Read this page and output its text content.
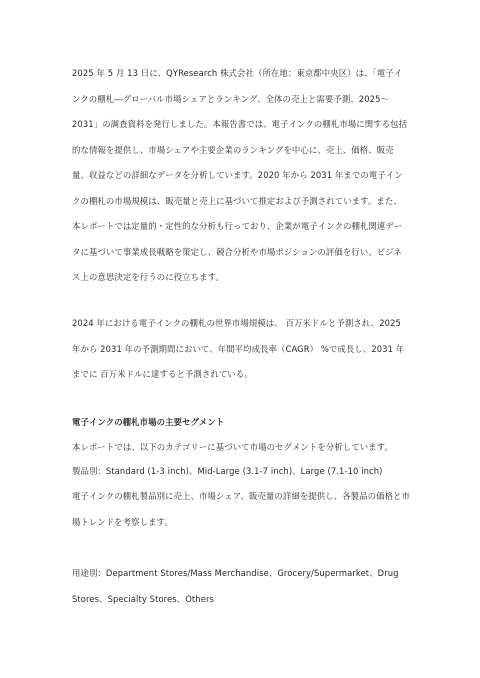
2025 年 5 月 13 日に、QYResearch 株式会社（所在地：東京都中央区）は、「電子インクの棚札―グローバル市場シェアとランキング、全体の売上と需要予測、2025～2031」の調査資料を発行しました。本報告書では、電子インクの棚札市場に関する包括的な情報を提供し、市場シェアや主要企業のランキングを中心に、売上、価格、販売量、収益などの詳細なデータを分析しています。2020 年から 2031 年までの電子インクの棚札の市場規模は、販売量と売上に基づいて推定および予測されています。また、本レポートでは定量的・定性的な分析も行っており、企業が電子インクの棚札関連データに基づいて事業成長戦略を策定し、競合分析や市場ポジションの評価を行い、ビジネス上の意思決定を行うのに役立ちます。

2024 年における電子インクの棚札の世界市場規模は、 百万米ドルと予測され、2025 年から 2031 年の予測期間において、年間平均成長率（CAGR） %で成長し、2031 年までに 百万米ドルに達すると予測されている。

電子インクの棚札市場の主要セグメント

本レポートでは、以下のカテゴリーに基づいて市場のセグメントを分析しています。

製品別：Standard (1-3 inch)、Mid-Large (3.1-7 inch)、Large (7.1-10 inch)

電子インクの棚札製品別に売上、市場シェア、販売量の詳細を提供し、各製品の価格と市場トレンドを考察します。

用途別：Department Stores/Mass Merchandise、Grocery/Supermarket、Drug Stores、Specialty Stores、Others
